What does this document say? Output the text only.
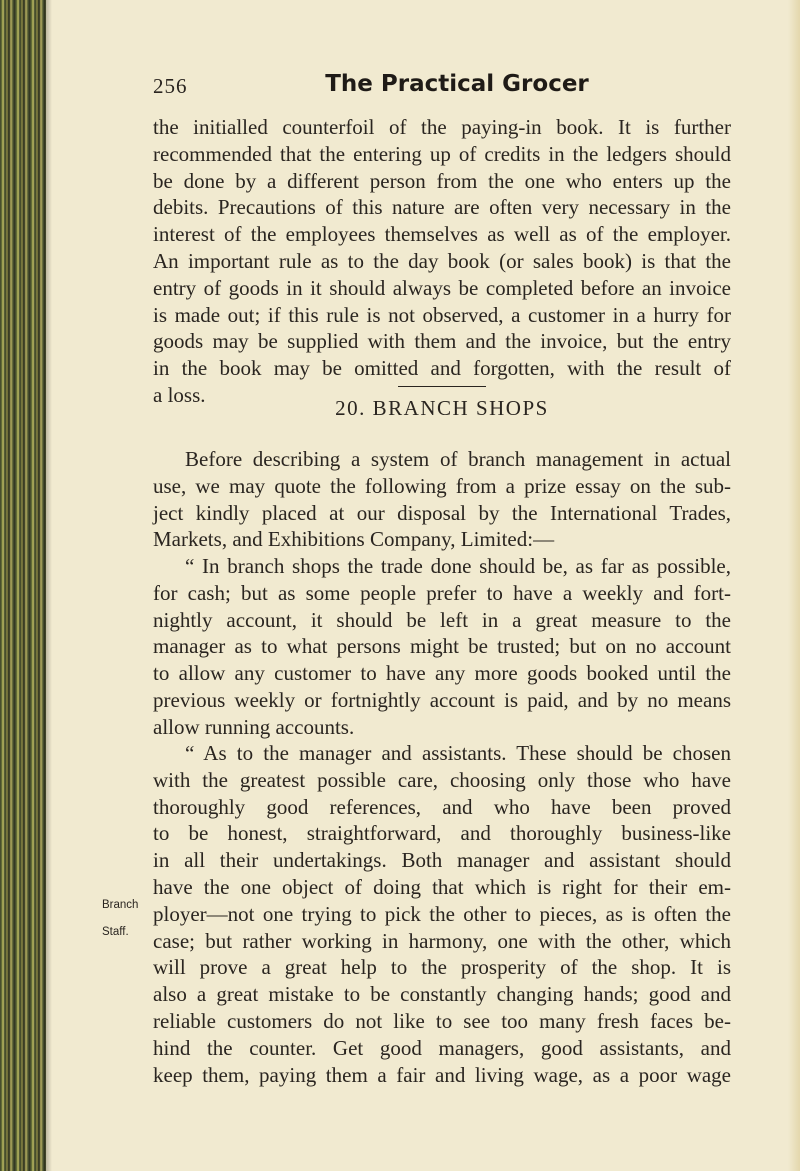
256	The Practical Grocer

the initialled counterfoil of the paying-in book. It is further
recommended that the entering up of credits in the ledgers should
be done by a different person from the one who enters up the
debits. Precautions of this nature are often very necessary in the
interest of the employees themselves as well as of the employer.
An important rule as to the day book (or sales book) is that the
entry of goods in it should always be completed before an invoice
is made out; if this rule is not observed, a customer in a hurry for
goods may be supplied with them and the invoice, but the entry
in the book may be omitted and forgotten, with the result of
a loss.

20. BRANCH SHOPS

Before describing a system of branch management in actual
use, we may quote the following from a prize essay on the sub-
ject kindly placed at our disposal by the International Trades,
Markets, and Exhibitions Company, Limited:—

“ In branch shops the trade done should be, as far as possible,
for cash; but as some people prefer to have a weekly and fort-
nightly account, it should be left in a great measure to the
manager as to what persons might be trusted; but on no account
to allow any customer to have any more goods booked until the
previous weekly or fortnightly account is paid, and by no means
allow running accounts.

Branch
Staff.

“ As to the manager and assistants. These should be chosen
with the greatest possible care, choosing only those who have
thoroughly good references, and who have been proved
to be honest, straightforward, and thoroughly business-like
in all their undertakings. Both manager and assistant should
have the one object of doing that which is right for their em-
ployer—not one trying to pick the other to pieces, as is often the
case; but rather working in harmony, one with the other, which
will prove a great help to the prosperity of the shop. It is
also a great mistake to be constantly changing hands; good and
reliable customers do not like to see too many fresh faces be-
hind the counter. Get good managers, good assistants, and
keep them, paying them a fair and living wage, as a poor wage
